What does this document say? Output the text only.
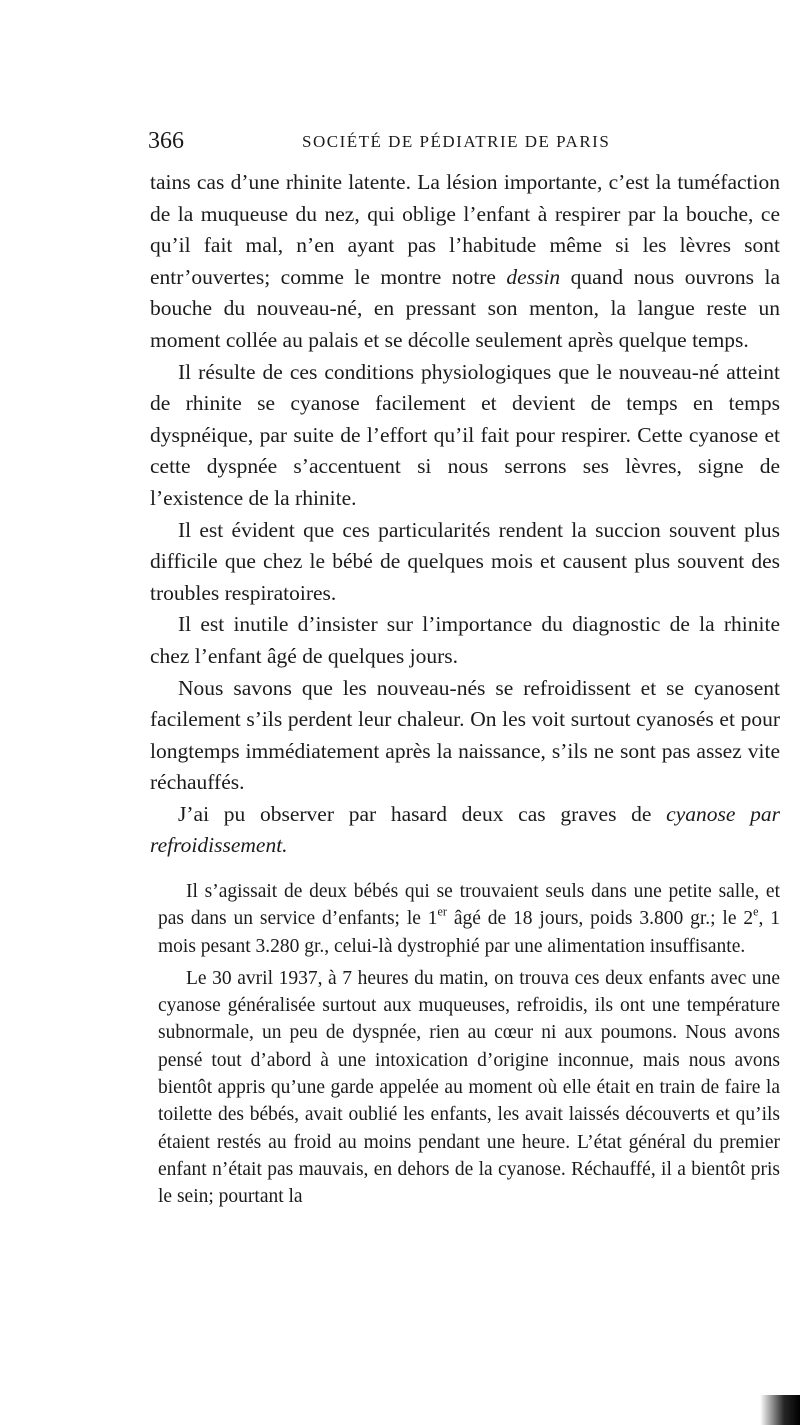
366	SOCIÉTÉ DE PÉDIATRIE DE PARIS

tains cas d’une rhinite latente. La lésion importante, c’est la tuméfaction de la muqueuse du nez, qui oblige l’enfant à respirer par la bouche, ce qu’il fait mal, n’en ayant pas l’habitude même si les lèvres sont entr’ouvertes; comme le montre notre dessin quand nous ouvrons la bouche du nouveau-né, en pressant son menton, la langue reste un moment collée au palais et se décolle seulement après quelque temps.

Il résulte de ces conditions physiologiques que le nouveau-né atteint de rhinite se cyanose facilement et devient de temps en temps dyspnéique, par suite de l’effort qu’il fait pour respirer. Cette cyanose et cette dyspnée s’accentuent si nous serrons ses lèvres, signe de l’existence de la rhinite.

Il est évident que ces particularités rendent la succion souvent plus difficile que chez le bébé de quelques mois et causent plus souvent des troubles respiratoires.

Il est inutile d’insister sur l’importance du diagnostic de la rhinite chez l’enfant âgé de quelques jours.

Nous savons que les nouveau-nés se refroidissent et se cyanosent facilement s’ils perdent leur chaleur. On les voit surtout cyanosés et pour longtemps immédiatement après la naissance, s’ils ne sont pas assez vite réchauffés.

J’ai pu observer par hasard deux cas graves de cyanose par refroidissement.

Il s’agissait de deux bébés qui se trouvaient seuls dans une petite salle, et pas dans un service d’enfants; le 1er âgé de 18 jours, poids 3.800 gr.; le 2e, 1 mois pesant 3.280 gr., celui-là dystrophié par une alimentation insuffisante.

Le 30 avril 1937, à 7 heures du matin, on trouva ces deux enfants avec une cyanose généralisée surtout aux muqueuses, refroidis, ils ont une température subnormale, un peu de dyspnée, rien au cœur ni aux poumons. Nous avons pensé tout d’abord à une intoxication d’origine inconnue, mais nous avons bientôt appris qu’une garde appelée au moment où elle était en train de faire la toilette des bébés, avait oublié les enfants, les avait laissés découverts et qu’ils étaient restés au froid au moins pendant une heure. L’état général du premier enfant n’était pas mauvais, en dehors de la cyanose. Réchauffé, il a bientôt pris le sein; pourtant la
